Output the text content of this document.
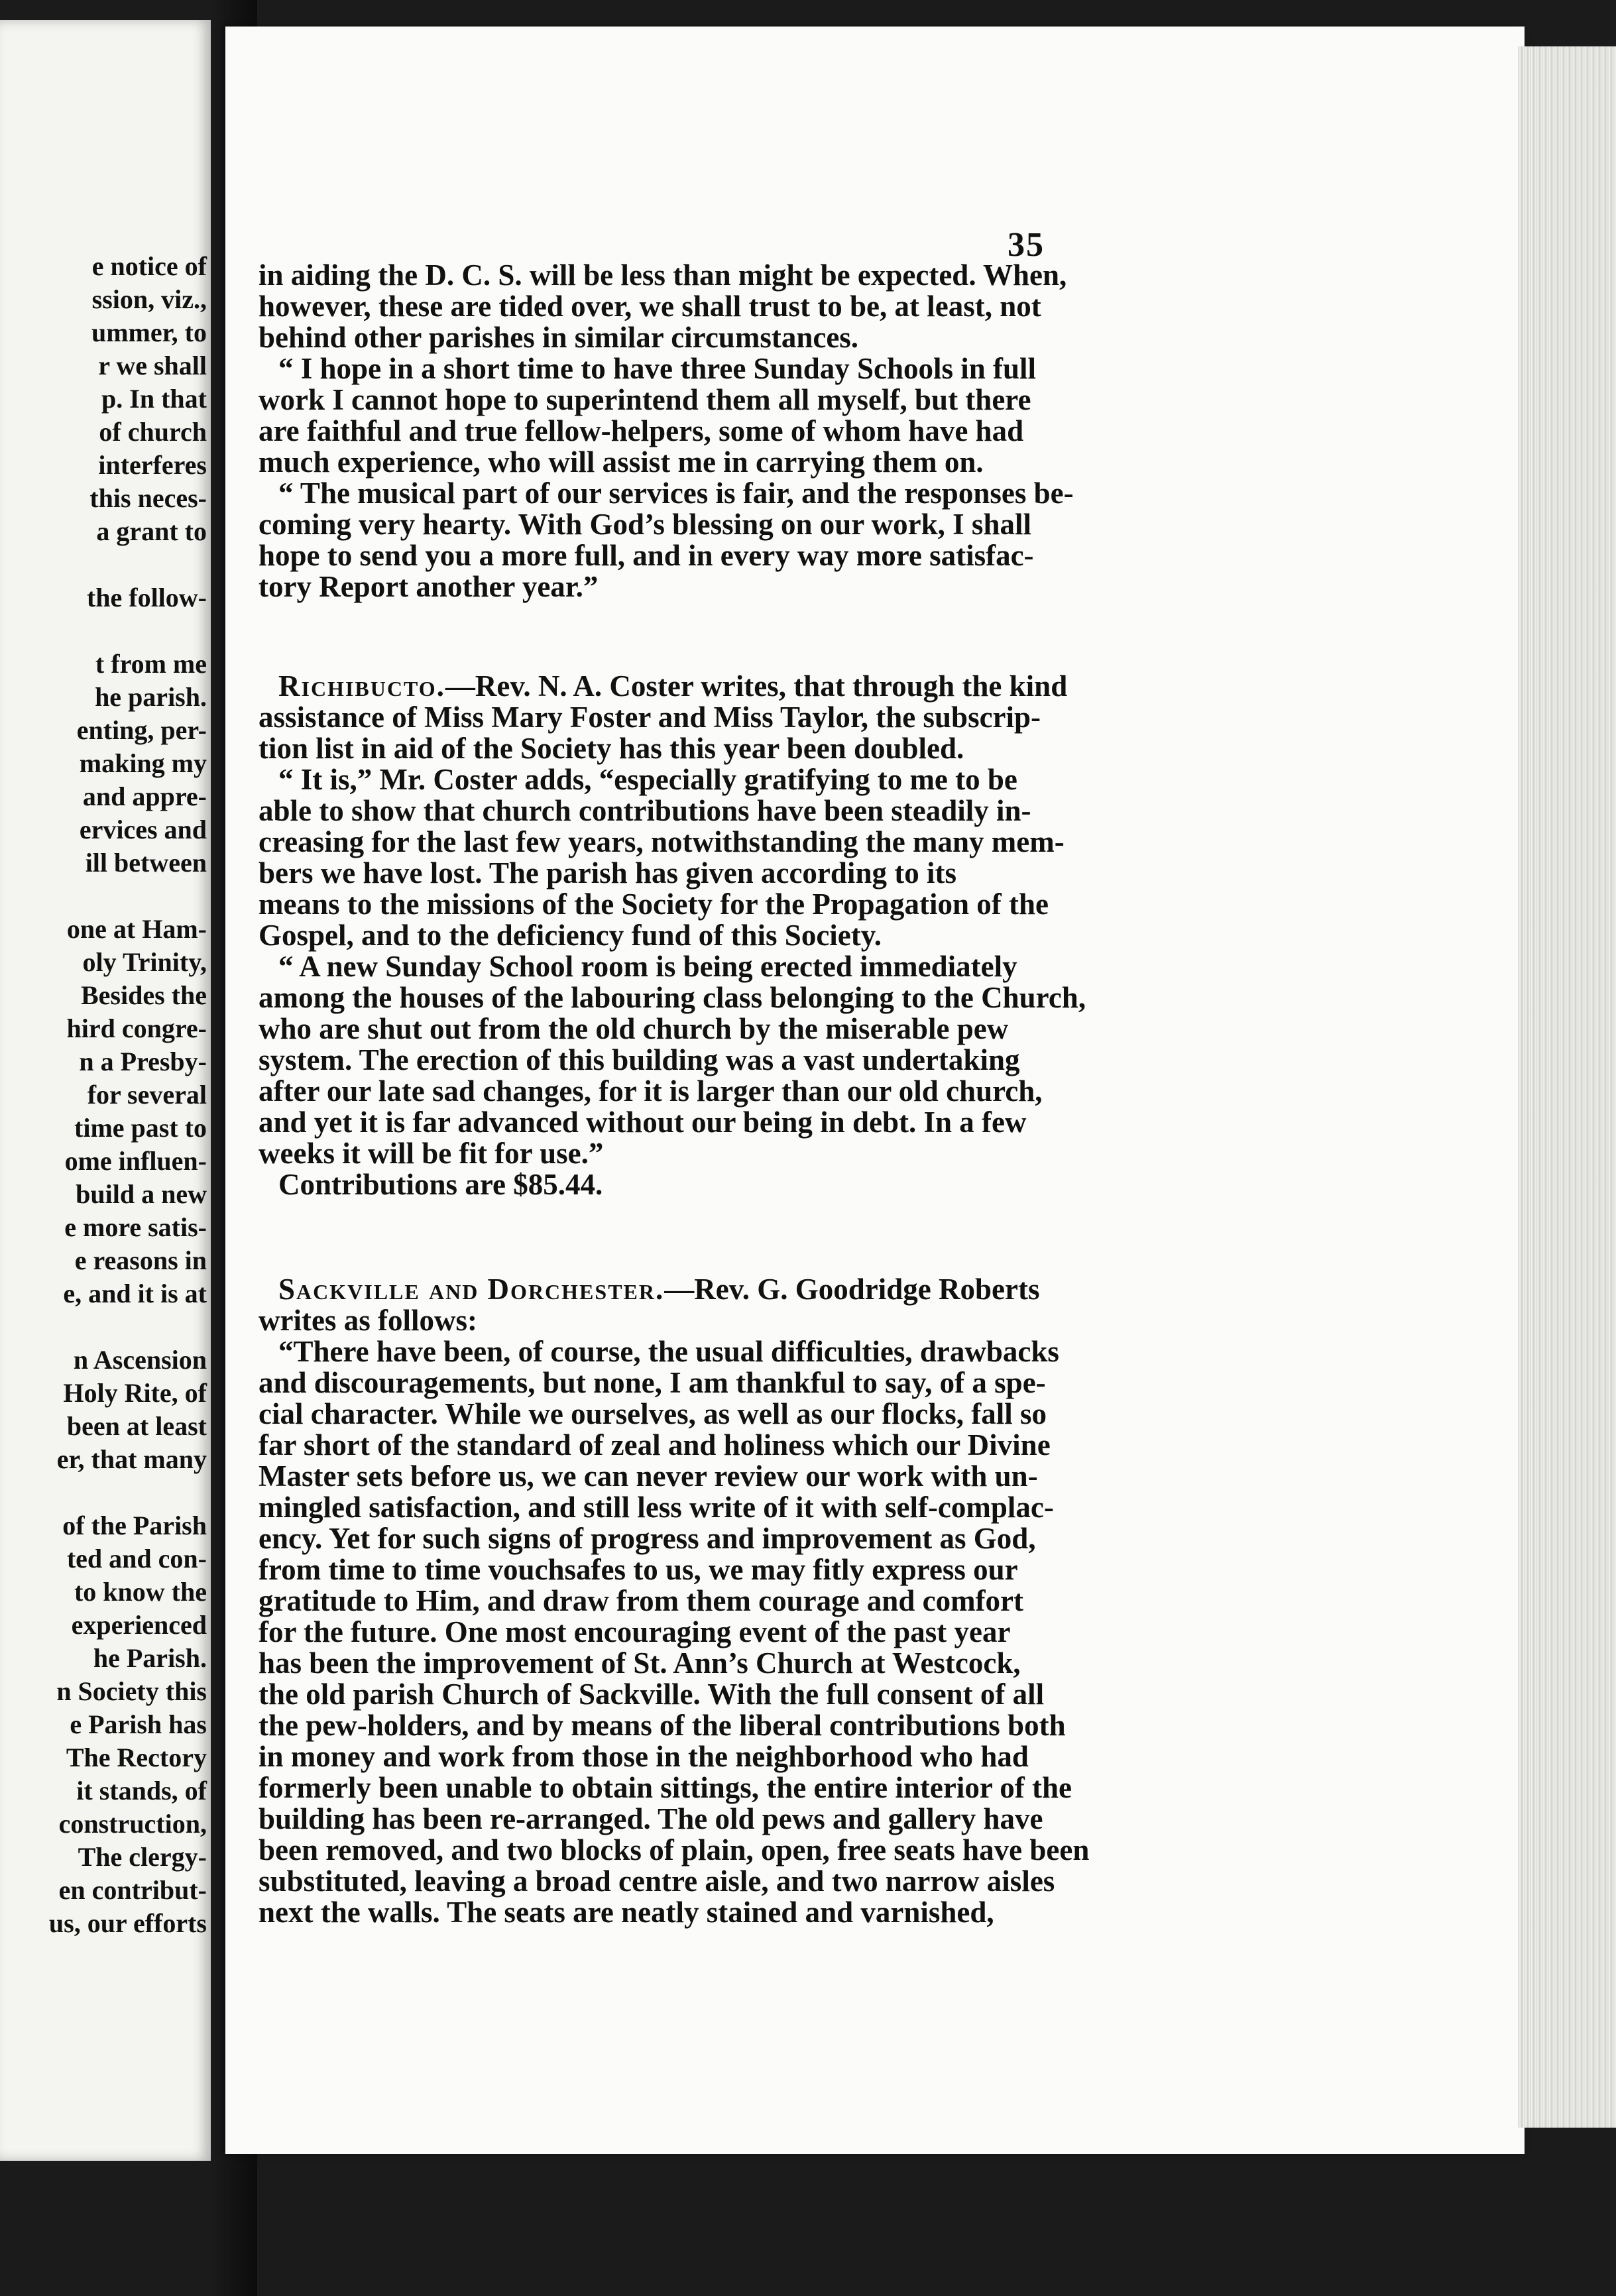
e notice of
ssion, viz.,
ummer, to
r we shall
p. In that
of church
interferes
this neces-
a grant to
the follow-
t from me
he parish.
enting, per-
making my
and appre-
ervices and
ill between
one at Ham-
oly Trinity,
Besides the
hird congre-
n a Presby-
for several
time past to
ome influen-
build a new
e more satis-
e reasons in
e, and it is at
n Ascension
Holy Rite, of
been at least
er, that many
of the Parish
ted and con-
to know the
experienced
he Parish.
n Society this
e Parish has
The Rectory
it stands, of
construction,
The clergy-
en contribut-
us, our efforts
35
in aiding the D. C. S. will be less than might be expected. When,
however, these are tided over, we shall trust to be, at least, not
behind other parishes in similar circumstances.
“ I hope in a short time to have three Sunday Schools in full
work I cannot hope to superintend them all myself, but there
are faithful and true fellow-helpers, some of whom have had
much experience, who will assist me in carrying them on.
“ The musical part of our services is fair, and the responses be-
coming very hearty. With God’s blessing on our work, I shall
hope to send you a more full, and in every way more satisfac-
tory Report another year.”
Richibucto.—Rev. N. A. Coster writes, that through the kind
assistance of Miss Mary Foster and Miss Taylor, the subscrip-
tion list in aid of the Society has this year been doubled.
“ It is,” Mr. Coster adds, “especially gratifying to me to be
able to show that church contributions have been steadily in-
creasing for the last few years, notwithstanding the many mem-
bers we have lost. The parish has given according to its
means to the missions of the Society for the Propagation of the
Gospel, and to the deficiency fund of this Society.
“ A new Sunday School room is being erected immediately
among the houses of the labouring class belonging to the Church,
who are shut out from the old church by the miserable pew
system. The erection of this building was a vast undertaking
after our late sad changes, for it is larger than our old church,
and yet it is far advanced without our being in debt. In a few
weeks it will be fit for use.”
Contributions are $85.44.
Sackville and Dorchester.—Rev. G. Goodridge Roberts
writes as follows:
“There have been, of course, the usual difficulties, drawbacks
and discouragements, but none, I am thankful to say, of a spe-
cial character. While we ourselves, as well as our flocks, fall so
far short of the standard of zeal and holiness which our Divine
Master sets before us, we can never review our work with un-
mingled satisfaction, and still less write of it with self-complac-
ency. Yet for such signs of progress and improvement as God,
from time to time vouchsafes to us, we may fitly express our
gratitude to Him, and draw from them courage and comfort
for the future. One most encouraging event of the past year
has been the improvement of St. Ann’s Church at Westcock,
the old parish Church of Sackville. With the full consent of all
the pew-holders, and by means of the liberal contributions both
in money and work from those in the neighborhood who had
formerly been unable to obtain sittings, the entire interior of the
building has been re-arranged. The old pews and gallery have
been removed, and two blocks of plain, open, free seats have been
substituted, leaving a broad centre aisle, and two narrow aisles
next the walls. The seats are neatly stained and varnished,
